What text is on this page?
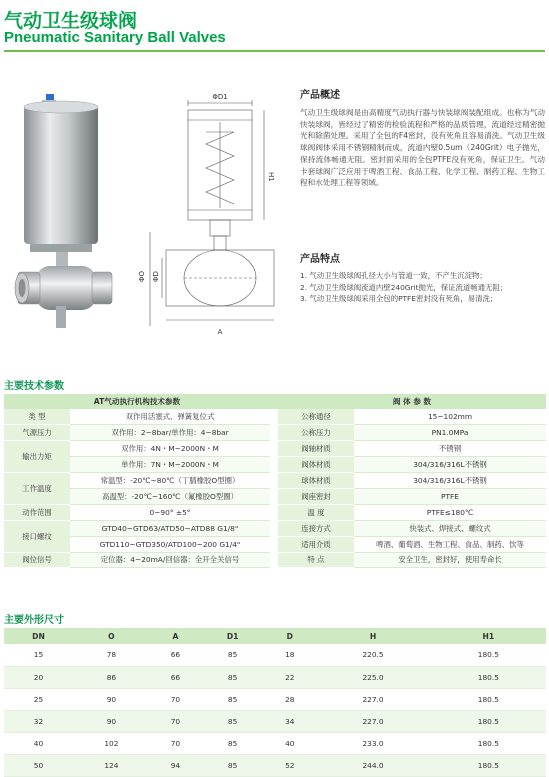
气动卫生级球阀
Pneumatic Sanitary Ball Valves
ΦD1
H1
ΦO ΦD
A
产品概述
气动卫生级球阀是由高精度气动执行器与快装球阀装配组成。也称为气动快装球阀，皆经过了精密的检验流程和严格的品质管理，流道经过精密抛光和除菌处理。采用了全包的F4密封，没有死角且容易清洗。气动卫生级球阀阀体采用不锈钢精制而成，流道内壁0.5um（240Grit）电子抛光，保持流体畅通无阻。密封面采用的全包PTFE没有死角，保证卫生。气动卡套球阀广泛应用于啤酒工程、食品工程、化学工程、制药工程、生物工程和水处理工程等领域。
产品特点
1. 气动卫生级球阀孔径大小与管道一致，不产生沉淀物；
2. 气动卫生级球阀流道内壁240Grit抛光，保证流道畅通无阻；
3. 气动卫生级球阀采用全包的PTFE密封没有死角，易清洗；
主要技术参数
AT气动执行机构技术参数			阀 体 参 数	
类 型	双作用活塞式、弹簧复位式		公称通径	15~102mm
气源压力	双作用：2~8bar/单作用：4~8bar		公称压力	PN1.0MPa
输出力矩	双作用：4N・M~2000N・M		阀轴材质	不锈钢
	单作用：7N・M~2000N・M		阀体材质	304/316/316L不锈钢
工作温度	常温型：-20℃~80℃（丁腈橡胶O型圈）		球体材质	304/316/316L不锈钢
	高温型：-20℃~160℃（氟橡胶O型圈）		阀座密封	PTFE
动作范围	0~90° ±5°		温 度	PTFE≤180℃
接口螺纹	GTD40~GTD63/ATD50~ATD88 G1/8"		连接方式	快装式、焊接式、螺纹式
	GTD110~GTD350/ATD100~200 G1/4"		适用介质	啤酒、葡萄酒、生物工程、食品、制药、饮等
阀位信号	定位器：4~20mA/回信器：全开全关信号		特 点	安全卫生，密封好，使用寿命长
主要外形尺寸
DN	O	A	D1	D	H	H1
15	78	66	85	18	220.5	180.5
20	86	66	85	22	225.0	180.5
25	90	70	85	28	227.0	180.5
32	90	70	85	34	227.0	180.5
40	102	70	85	40	233.0	180.5
50	124	94	85	52	244.0	180.5
